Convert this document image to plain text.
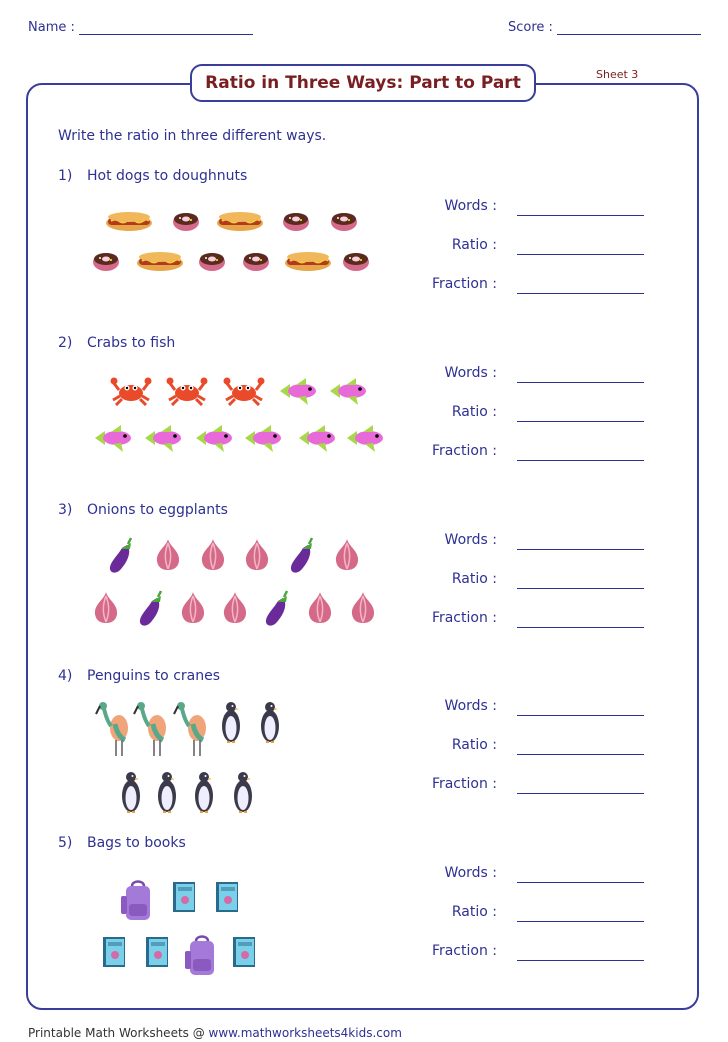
Name :	Score :
Ratio in Three Ways: Part to Part	Sheet 3
Write the ratio in three different ways.
1) Hot dogs to doughnuts
Words :
Ratio :
Fraction :
2) Crabs to fish
Words :
Ratio :
Fraction :
3) Onions to eggplants
Words :
Ratio :
Fraction :
4) Penguins to cranes
Words :
Ratio :
Fraction :
5) Bags to books
Words :
Ratio :
Fraction :
Printable Math Worksheets @ www.mathworksheets4kids.com
